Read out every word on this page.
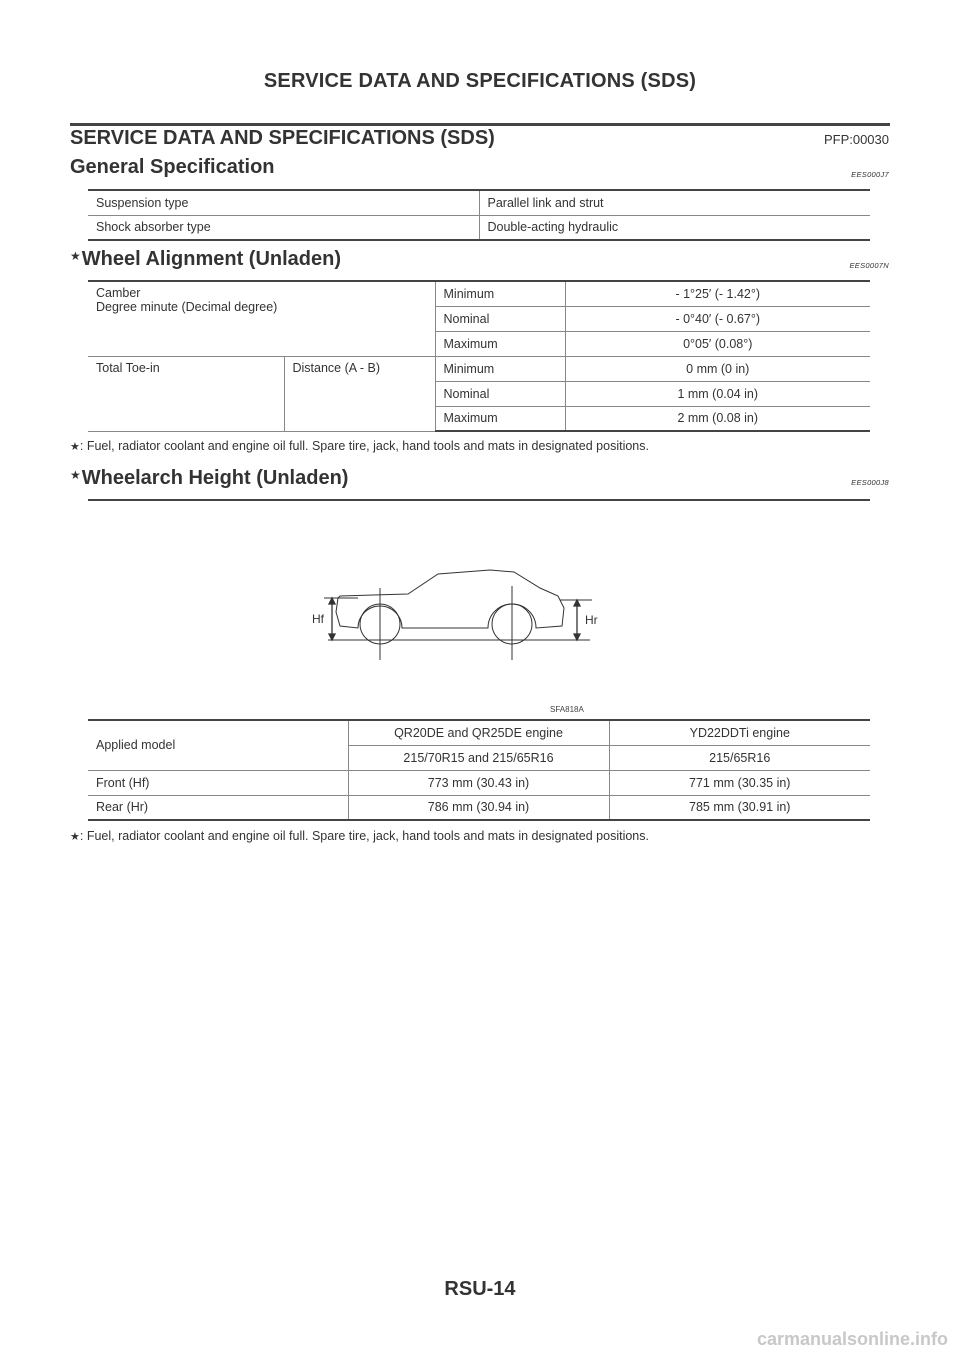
SERVICE DATA AND SPECIFICATIONS (SDS)
SERVICE DATA AND SPECIFICATIONS (SDS)	PFP:00030
General Specification	EES000J7
Suspension type	Parallel link and strut
Shock absorber type	Double-acting hydraulic
★Wheel Alignment (Unladen)	EES0007N
Camber
Degree minute (Decimal degree)		Minimum	- 1°25′ (- 1.42°)
		Nominal	- 0°40′ (- 0.67°)
		Maximum	0°05′ (0.08°)
Total Toe-in	Distance (A - B)	Minimum	0 mm (0 in)
		Nominal	1 mm (0.04 in)
		Maximum	2 mm (0.08 in)
★: Fuel, radiator coolant and engine oil full. Spare tire, jack, hand tools and mats in designated positions.
★Wheelarch Height (Unladen)	EES000J8
Hf	Hr
SFA818A
Applied model	QR20DE and QR25DE engine	YD22DDTi engine
	215/70R15 and 215/65R16	215/65R16
Front (Hf)	773 mm (30.43 in)	771 mm (30.35 in)
Rear (Hr)	786 mm (30.94 in)	785 mm (30.91 in)
★: Fuel, radiator coolant and engine oil full. Spare tire, jack, hand tools and mats in designated positions.
RSU-14
carmanualsonline.info
